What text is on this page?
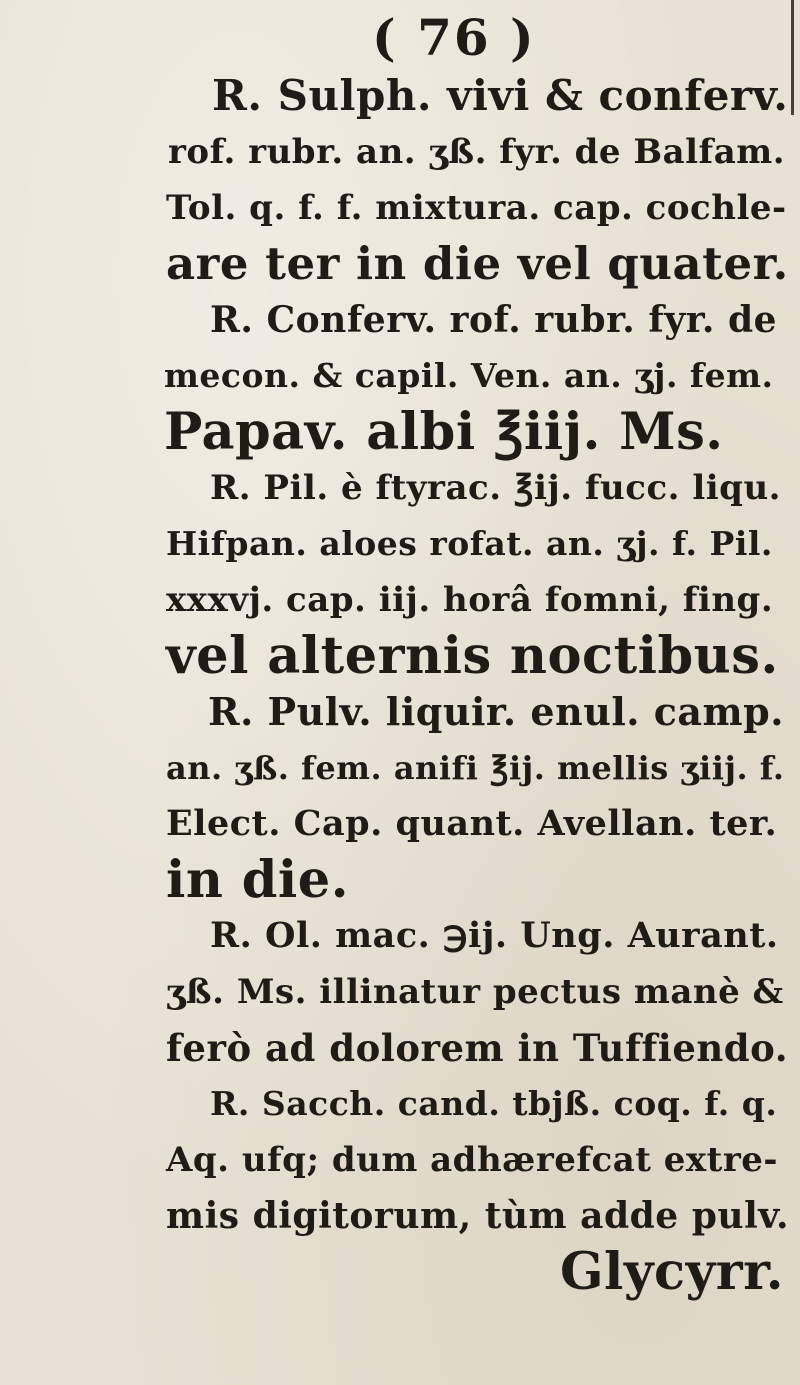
( 76 )
R. Sulph. vivi & conferv.
rof. rubr. an. ʒß. fyr. de Balfam.
Tol. q. f. f. mixtura. cap. cochle-
are ter in die vel quater.
R. Conferv. rof. rubr. fyr. de
mecon. & capil. Ven. an. ʒj. fem.
Papav. albi ℥iij. Ms.
R. Pil. è ftyrac. ℥ij. fucc. liqu.
Hifpan. aloes rofat. an. ʒj. f. Pil.
xxxvj. cap. iij. horâ fomni, fing.
vel alternis noctibus.
R. Pulv. liquir. enul. camp.
an. ʒß. fem. anifi ℥ij. mellis ʒiij. f.
Elect. Cap. quant. Avellan. ter.
in die.
R. Ol. mac. ℈ij. Ung. Aurant.
ʒß. Ms. illinatur pectus manè &
ferò ad dolorem in Tuffiendo.
R. Sacch. cand. tbjß. coq. f. q.
Aq. ufq; dum adhærefcat extre-
mis digitorum, tùm adde pulv.
Glycyrr.
